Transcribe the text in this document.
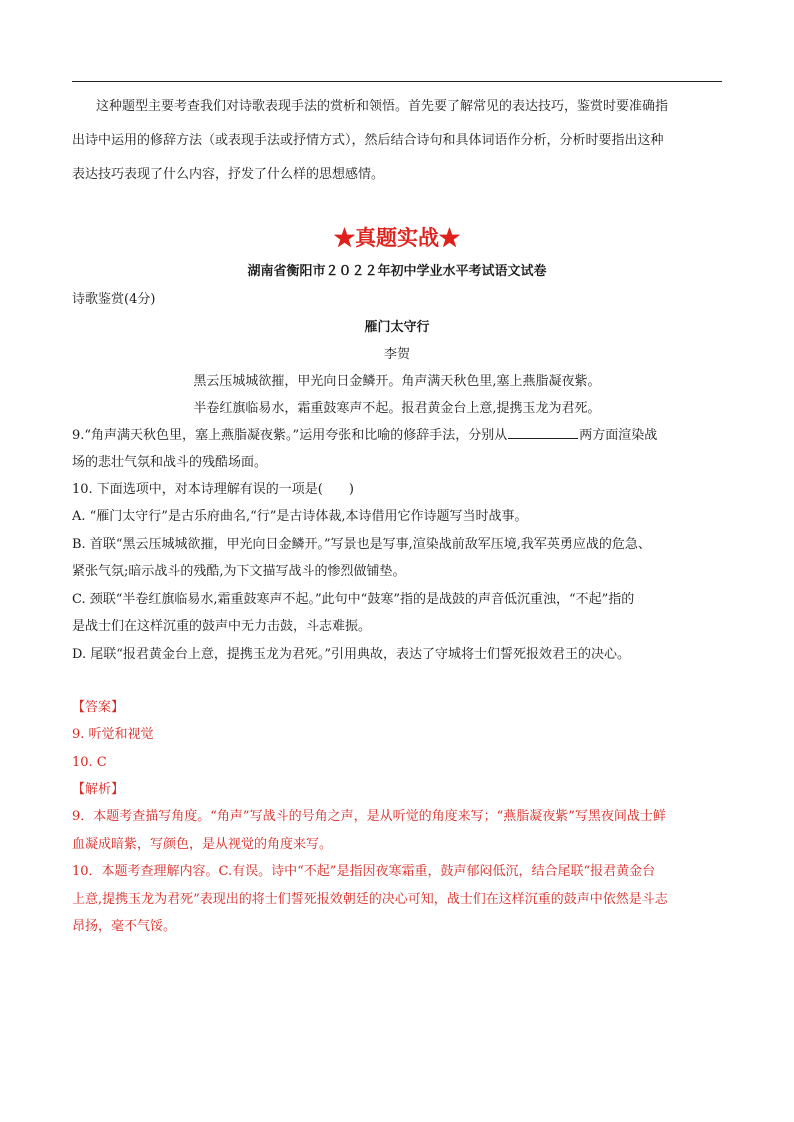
这种题型主要考查我们对诗歌表现手法的赏析和领悟。首先要了解常见的表达技巧，鉴赏时要准确指
出诗中运用的修辞方法（或表现手法或抒情方式），然后结合诗句和具体词语作分析，分析时要指出这种
表达技巧表现了什么内容，抒发了什么样的思想感情。
★真题实战★
湖南省衡阳市２０２２年初中学业水平考试语文试卷
诗歌鉴赏(4分)
雁门太守行
李贺
黑云压城城欲摧，甲光向日金鳞开。角声满天秋色里,塞上燕脂凝夜紫。
半卷红旗临易水，霜重鼓寒声不起。报君黄金台上意,提携玉龙为君死。
9.“角声满天秋色里，塞上燕脂凝夜紫。”运用夸张和比喻的修辞手法，分别从	两方面渲染战
场的悲壮气氛和战斗的残酷场面。
10. 下面选项中，对本诗理解有误的一项是(　　)
A. “雁门太守行”是古乐府曲名,“行”是古诗体裁,本诗借用它作诗题写当时战事。
B. 首联“黑云压城城欲摧，甲光向日金鳞开。”写景也是写事,渲染战前敌军压境,我军英勇应战的危急、
紧张气氛;暗示战斗的残酷,为下文描写战斗的惨烈做铺垫。
C. 颈联“半卷红旗临易水,霜重鼓寒声不起。”此句中“鼓寒”指的是战鼓的声音低沉重浊，“不起”指的
是战士们在这样沉重的鼓声中无力击鼓，斗志难振。
D. 尾联“报君黄金台上意，提携玉龙为君死。”引用典故，表达了守城将士们誓死报效君王的决心。
【答案】
9. 听觉和视觉
10. C
【解析】
9．本题考查描写角度。“角声”写战斗的号角之声，是从听觉的角度来写；“燕脂凝夜紫”写黑夜间战士鲜
血凝成暗紫，写颜色，是从视觉的角度来写。
10．本题考查理解内容。C.有误。诗中“不起”是指因夜寒霜重，鼓声郁闷低沉，结合尾联“报君黄金台
上意,提携玉龙为君死”表现出的将士们誓死报效朝廷的决心可知，战士们在这样沉重的鼓声中依然是斗志
昂扬，毫不气馁。
